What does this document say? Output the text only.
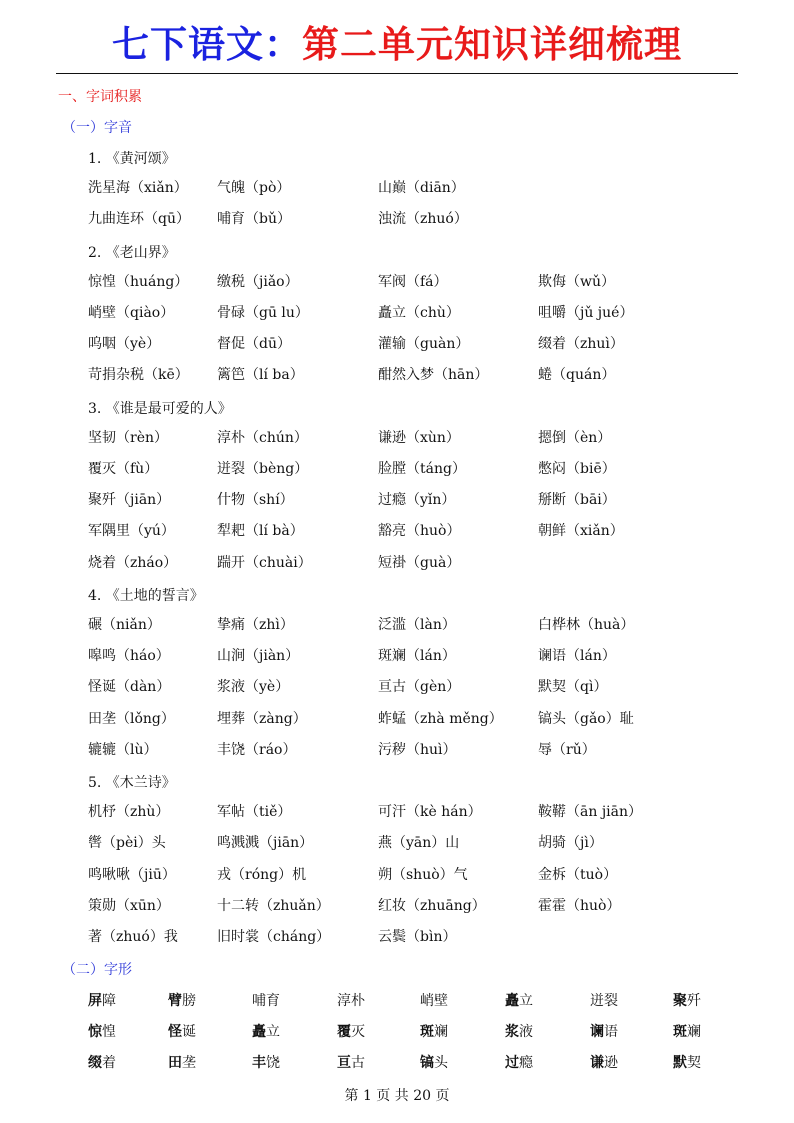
七下语文：第二单元知识详细梳理
一、字词积累
（一）字音
1. 《黄河颂》
洗星海（xiǎn） 气魄（pò）	山巅（diān）
九曲连环（qū） 哺育（bǔ）	浊流（zhuó）
2. 《老山界》
惊惶（huáng） 缴税（jiǎo）	军阀（fá）	欺侮（wǔ）
峭壁（qiào）	骨碌（gū lu）	矗立（chù）	咀嚼（jǔ jué）
呜咽（yè）	督促（dū）	灌输（guàn）	缀着（zhuì）
苛捐杂税（kē） 篱笆（lí ba）	酣然入梦（hān）	蜷（quán）
3. 《谁是最可爱的人》
坚韧（rèn）	淳朴（chún）	谦逊（xùn）	摁倒（èn）
覆灭（fù）	迸裂（bèng）	脸膛（táng）	憋闷（biē）
聚歼（jiān）	什物（shí）	过瘾（yǐn）	掰断（bāi）
军隅里（yú）	犁耙（lí bà）	豁亮（huò）	朝鲜（xiǎn）
烧着（zháo）	踹开（chuài）	短褂（guà）
4. 《土地的誓言》
碾（niǎn）	挚痛（zhì）	泛滥（làn）	白桦林（huà）
嗥鸣（háo）	山涧（jiàn）	斑斓（lán）	谰语（lán）
怪诞（dàn）	浆液（yè）	亘古（gèn）	默契（qì）
田垄（lǒng）	埋葬（zàng）	蚱蜢（zhà měng）	镐头（gǎo）耻
辘辘（lù）	丰饶（ráo）	污秽（huì）	辱（rǔ）
5. 《木兰诗》
机杼（zhù）	军帖（tiě）	可汗（kè hán）	鞍鞯（ān jiān）
辔（pèi）头	鸣溅溅（jiān）	燕（yān）山	胡骑（jì）
鸣啾啾（jiū）	戎（róng）机	朔（shuò）气	金柝（tuò）
策勋（xūn）	十二转（zhuǎn）	红妆（zhuāng）	霍霍（huò）
著（zhuó）我	旧时裳（cháng）	云鬓（bìn）
（二）字形
屏障	臂膀	哺育	淳朴	峭壁	矗立	迸裂	聚歼
惊惶	怪诞	矗立	覆灭	斑斓	浆液	谰语	斑斓
缀着	田垄	丰饶	亘古	镐头	过瘾	谦逊	默契
第 1 页 共 20 页
